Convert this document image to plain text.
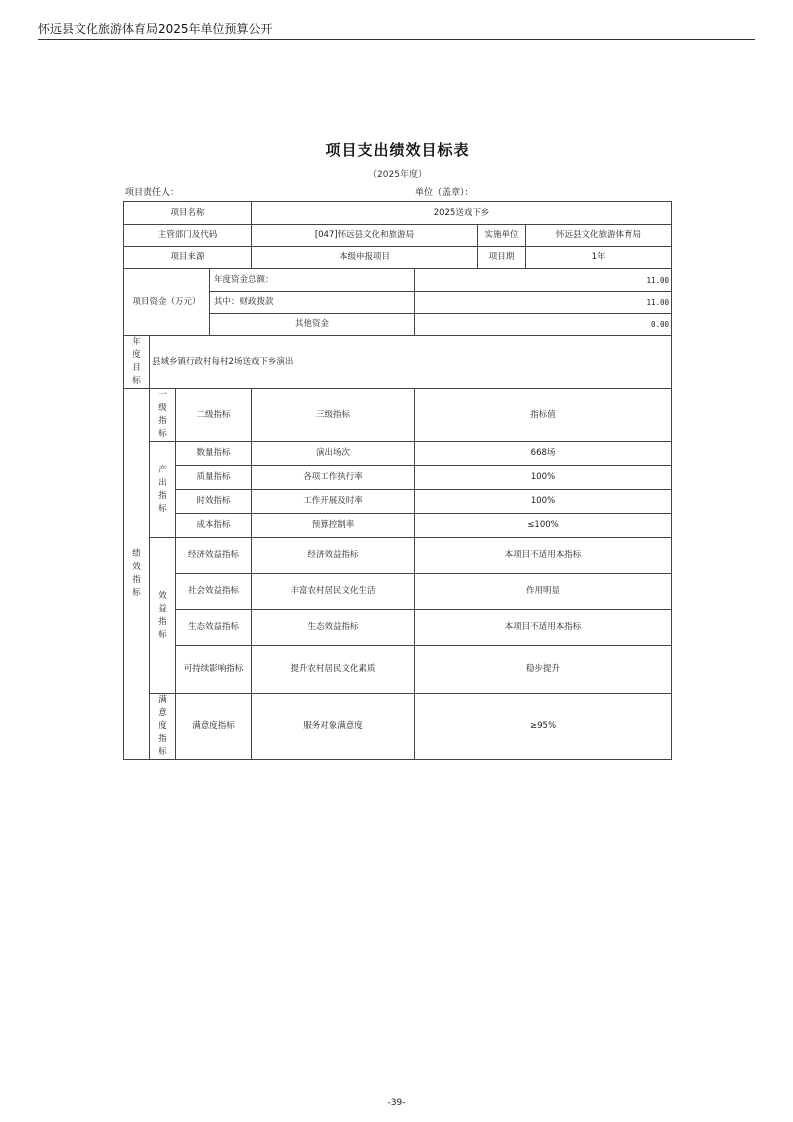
怀远县文化旅游体育局2025年单位预算公开
项目支出绩效目标表
（2025年度）
项目责任人：	单位（盖章）：
项目名称				2025送戏下乡			
主管部门及代码				[047]怀远县文化和旅游局		实施单位	怀远县文化旅游体育局
项目来源				本级申报项目		项目期	1年
项目资金（万元）			年度资金总额：		11.00		
			其中：财政拨款		11.00		
			其他资金		0.00		

年度目标	县域乡镇行政村每村2场送戏下乡演出						

绩效指标	一级指标	二级指标		三级指标	指标值		

	产出指标	数量指标		演出场次	668场		
		质量指标		各项工作执行率	100%		
		时效指标		工作开展及时率	100%		
		成本指标		预算控制率	≤100%		

	效益指标	经济效益指标		经济效益指标	本项目不适用本指标		
		社会效益指标		丰富农村居民文化生活	作用明显		
		生态效益指标		生态效益指标	本项目不适用本指标		
		可持续影响指标		提升农村居民文化素质	稳步提升		

	满意度指标	满意度指标		服务对象满意度	≥95%		
-39-
